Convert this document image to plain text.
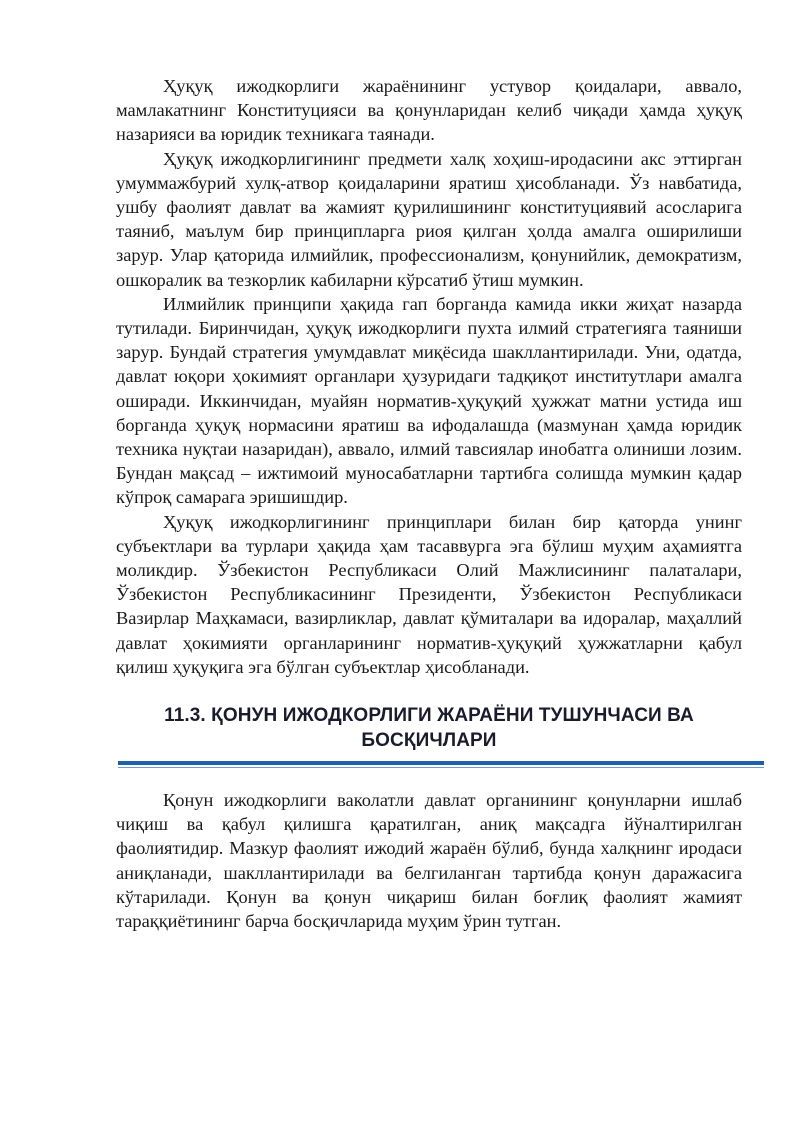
Ҳуқуқ ижодкорлиги жараёнининг устувор қоидалари, аввало, мамлакатнинг Конституцияси ва қонунларидан келиб чиқади ҳамда ҳуқуқ назарияси ва юридик техникага таянади.

Ҳуқуқ ижодкорлигининг предмети халқ хоҳиш-иродасини акс эттирган умуммажбурий хулқ-атвор қоидаларини яратиш ҳисобланади. Ўз навбатида, ушбу фаолият давлат ва жамият қурилишининг конституциявий асосларига таяниб, маълум бир принципларга риоя қилган ҳолда амалга оширилиши зарур. Улар қаторида илмийлик, профессионализм, қонунийлик, демократизм, ошкоралик ва тезкорлик кабиларни кўрсатиб ўтиш мумкин.

Илмийлик принципи ҳақида гап борганда камида икки жиҳат назарда тутилади. Биринчидан, ҳуқуқ ижодкорлиги пухта илмий стратегияга таяниши зарур. Бундай стратегия умумдавлат миқёсида шакллантирилади. Уни, одатда, давлат юқори ҳокимият органлари ҳузуридаги тадқиқот институтлари амалга оширади. Иккинчидан, муайян норматив-ҳуқуқий ҳужжат матни устида иш борганда ҳуқуқ нормасини яратиш ва ифодалашда (мазмунан ҳамда юридик техника нуқтаи назаридан), аввало, илмий тавсиялар инобатга олиниши лозим. Бундан мақсад – ижтимоий муносабатларни тартибга солишда мумкин қадар кўпроқ самарага эришишдир.

Ҳуқуқ ижодкорлигининг принциплари билан бир қаторда унинг субъектлари ва турлари ҳақида ҳам тасаввурга эга бўлиш муҳим аҳамиятга моликдир. Ўзбекистон Республикаси Олий Мажлисининг палаталари, Ўзбекистон Республикасининг Президенти, Ўзбекистон Республикаси Вазирлар Маҳкамаси, вазирликлар, давлат қўмиталари ва идоралар, маҳаллий давлат ҳокимияти органларининг норматив-ҳуқуқий ҳужжатларни қабул қилиш ҳуқуқига эга бўлган субъектлар ҳисобланади.

11.3. ҚОНУН ИЖОДКОРЛИГИ ЖАРАЁНИ ТУШУНЧАСИ ВА
БОСҚИЧЛАРИ

Қонун ижодкорлиги ваколатли давлат органининг қонунларни ишлаб чиқиш ва қабул қилишга қаратилган, аниқ мақсадга йўналтирилган фаолиятидир. Мазкур фаолият ижодий жараён бўлиб, бунда халқнинг иродаси аниқланади, шакллантирилади ва белгиланган тартибда қонун даражасига кўтарилади. Қонун ва қонун чиқариш билан боғлиқ фаолият жамият тараққиётининг барча босқичларида муҳим ўрин тутган.
